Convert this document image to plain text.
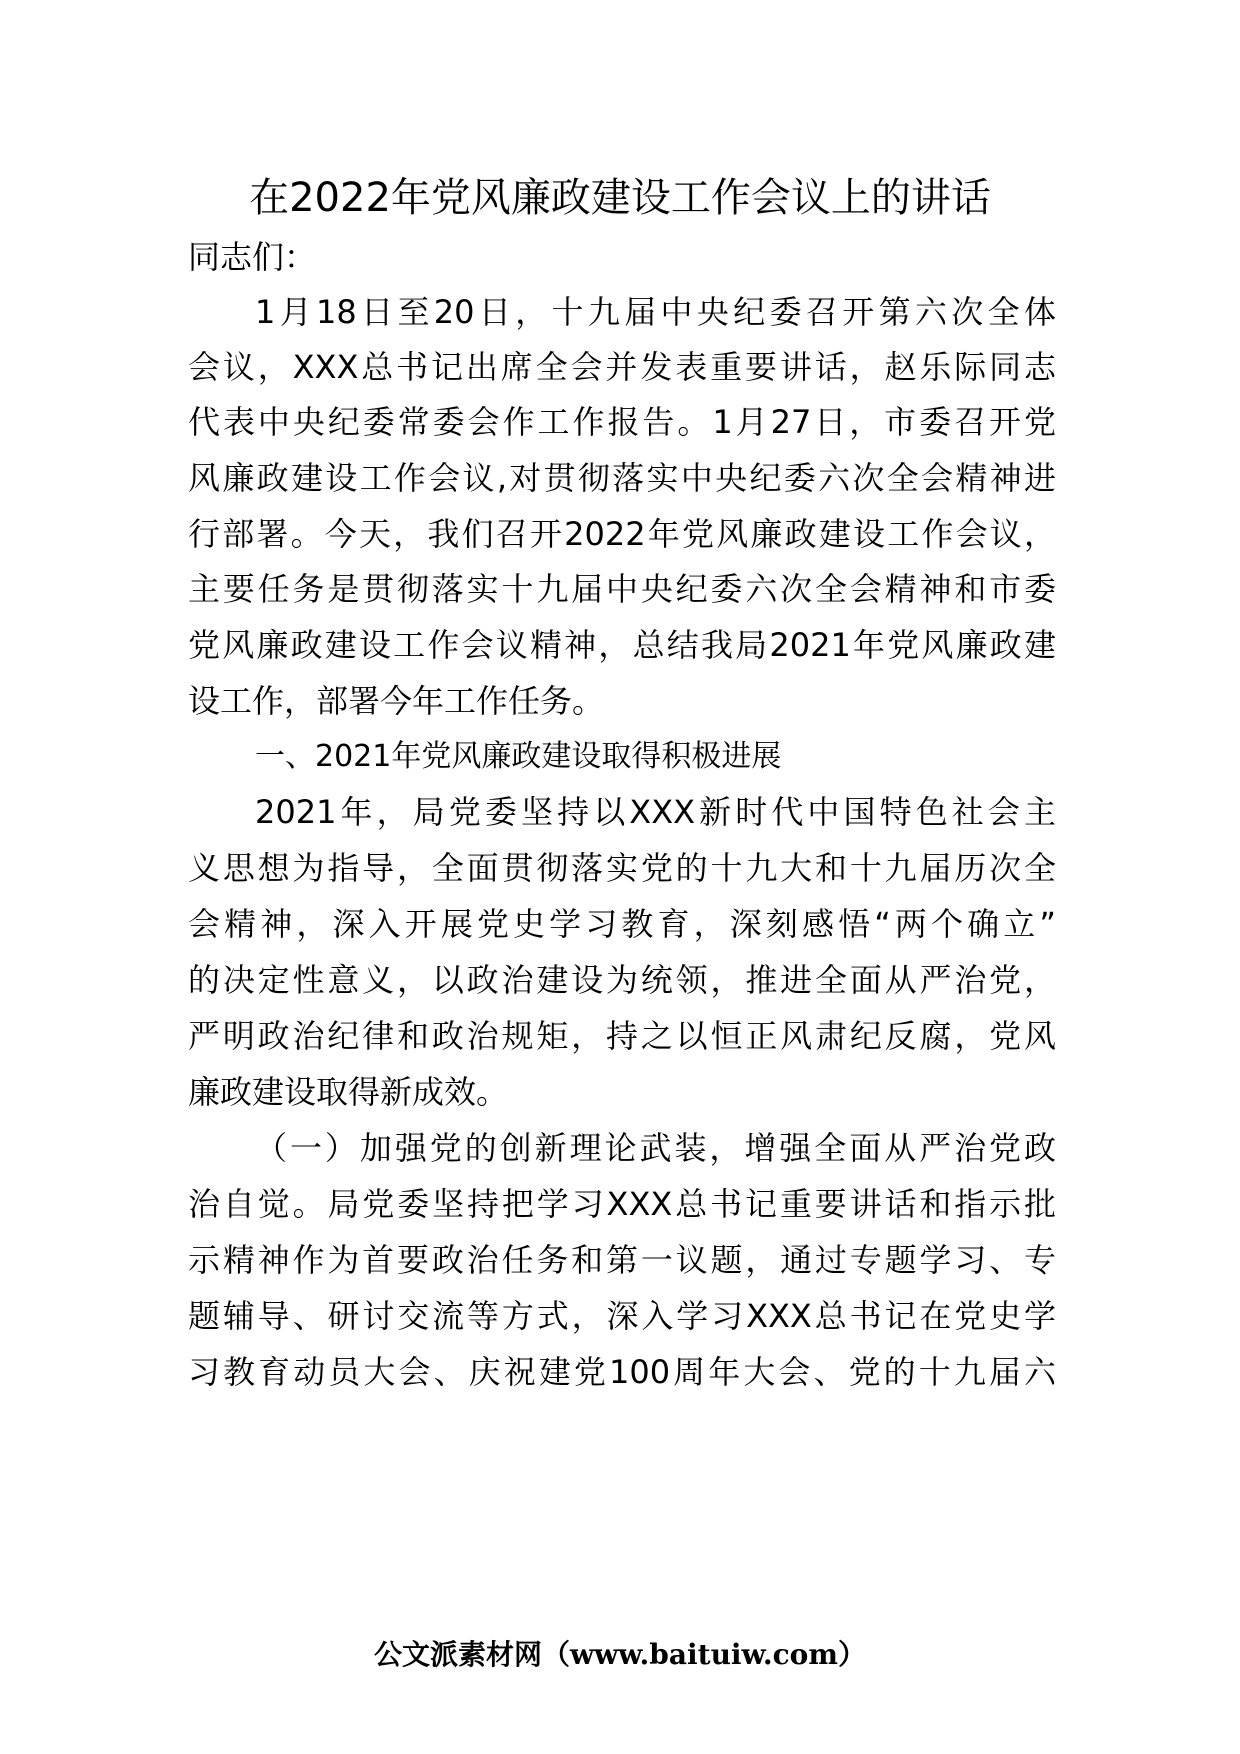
在2022年党风廉政建设工作会议上的讲话
同志们：
1月18日至20日，十九届中央纪委召开第六次全体
会议，XXX总书记出席全会并发表重要讲话，赵乐际同志
代表中央纪委常委会作工作报告。1月27日，市委召开党
风廉政建设工作会议,对贯彻落实中央纪委六次全会精神进
行部署。今天，我们召开2022年党风廉政建设工作会议，
主要任务是贯彻落实十九届中央纪委六次全会精神和市委
党风廉政建设工作会议精神，总结我局2021年党风廉政建
设工作，部署今年工作任务。
一、2021年党风廉政建设取得积极进展
2021年，局党委坚持以XXX新时代中国特色社会主
义思想为指导，全面贯彻落实党的十九大和十九届历次全
会精神，深入开展党史学习教育，深刻感悟“两个确立”
的决定性意义，以政治建设为统领，推进全面从严治党，
严明政治纪律和政治规矩，持之以恒正风肃纪反腐，党风
廉政建设取得新成效。
（一）加强党的创新理论武装，增强全面从严治党政
治自觉。局党委坚持把学习XXX总书记重要讲话和指示批
示精神作为首要政治任务和第一议题，通过专题学习、专
题辅导、研讨交流等方式，深入学习XXX总书记在党史学
习教育动员大会、庆祝建党100周年大会、党的十九届六
公文派素材网（www.baituiw.com）
